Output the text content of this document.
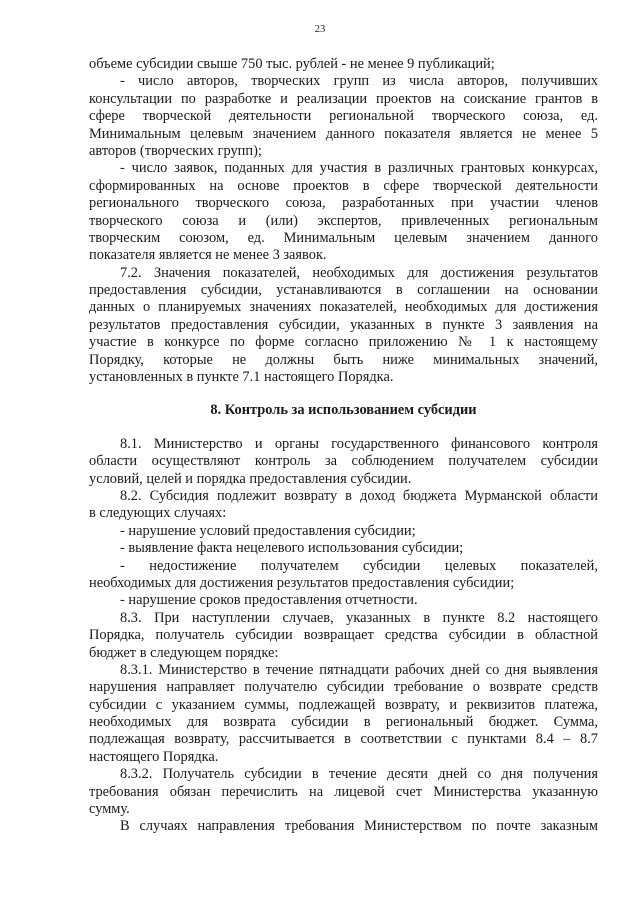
23
объеме субсидии свыше 750 тыс. рублей - не менее 9 публикаций;
- число авторов, творческих групп из числа авторов, получивших
консультации по разработке и реализации проектов на соискание грантов в
сфере творческой деятельности региональной творческого союза, ед.
Минимальным целевым значением данного показателя является не менее 5
авторов (творческих групп);
- число заявок, поданных для участия в различных грантовых конкурсах,
сформированных на основе проектов в сфере творческой деятельности
регионального творческого союза, разработанных при участии членов
творческого союза и (или) экспертов, привлеченных региональным
творческим союзом, ед. Минимальным целевым значением данного
показателя является не менее 3 заявок.
7.2. Значения показателей, необходимых для достижения результатов
предоставления субсидии, устанавливаются в соглашении на основании
данных о планируемых значениях показателей, необходимых для достижения
результатов предоставления субсидии, указанных в пункте 3 заявления на
участие в конкурсе по форме согласно приложению № 1 к настоящему
Порядку, которые не должны быть ниже минимальных значений,
установленных в пункте 7.1 настоящего Порядка.
8. Контроль за использованием субсидии
8.1. Министерство и органы государственного финансового контроля
области осуществляют контроль за соблюдением получателем субсидии
условий, целей и порядка предоставления субсидии.
8.2. Субсидия подлежит возврату в доход бюджета Мурманской области
в следующих случаях:
- нарушение условий предоставления субсидии;
- выявление факта нецелевого использования субсидии;
- недостижение получателем субсидии целевых показателей,
необходимых для достижения результатов предоставления субсидии;
- нарушение сроков предоставления отчетности.
8.3. При наступлении случаев, указанных в пункте 8.2 настоящего
Порядка, получатель субсидии возвращает средства субсидии в областной
бюджет в следующем порядке:
8.3.1. Министерство в течение пятнадцати рабочих дней со дня выявления
нарушения направляет получателю субсидии требование о возврате средств
субсидии с указанием суммы, подлежащей возврату, и реквизитов платежа,
необходимых для возврата субсидии в региональный бюджет. Сумма,
подлежащая возврату, рассчитывается в соответствии с пунктами 8.4 – 8.7
настоящего Порядка.
8.3.2. Получатель субсидии в течение десяти дней со дня получения
требования обязан перечислить на лицевой счет Министерства указанную
сумму.
В случаях направления требования Министерством по почте заказным
